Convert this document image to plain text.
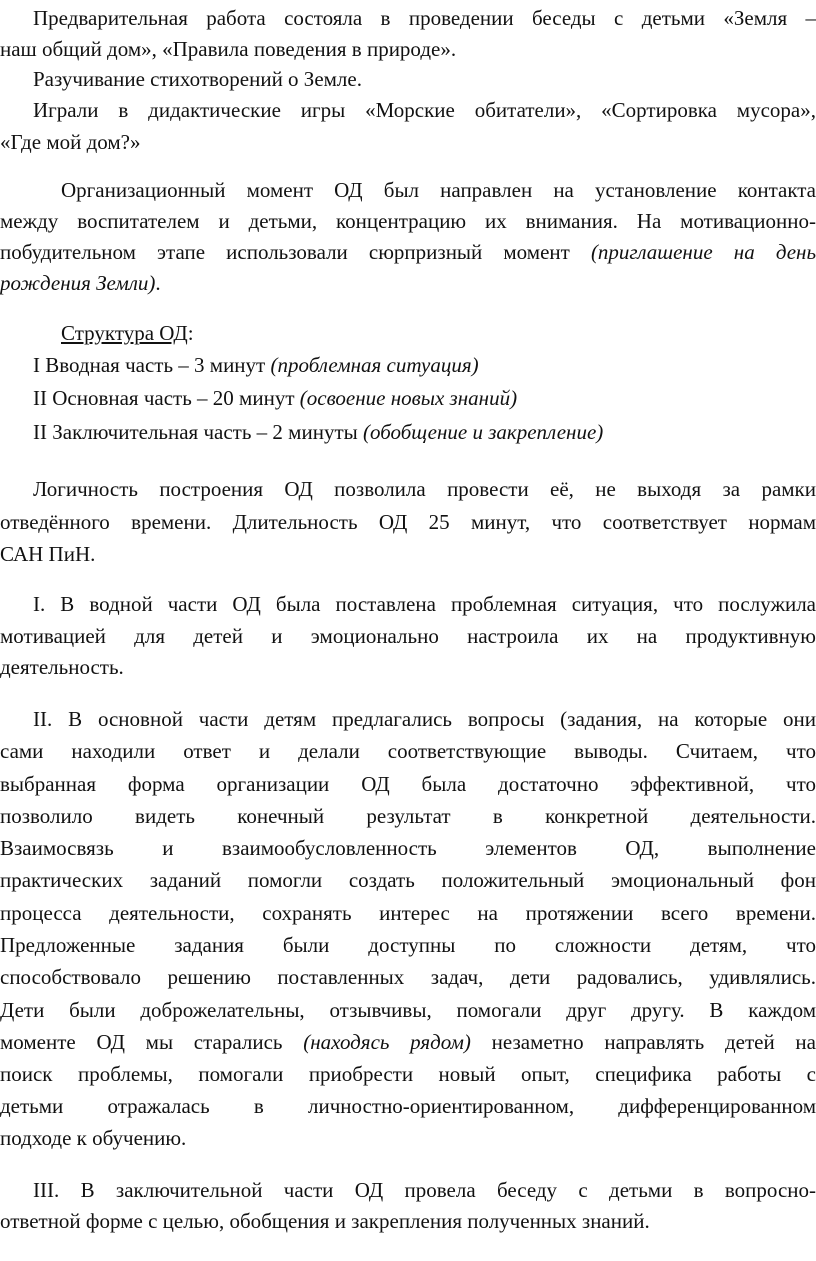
Предварительная работа состояла в проведении беседы с детьми «Земля –
наш общий дом», «Правила поведения в природе».
Разучивание стихотворений о Земле.
Играли в дидактические игры «Морские обитатели», «Сортировка мусора»,
«Где мой дом?»
Организационный момент ОД был направлен на установление контакта
между воспитателем и детьми, концентрацию их внимания. На мотивационно-
побудительном этапе использовали сюрпризный момент (приглашение на день
рождения Земли).
Структура ОД:
I Вводная часть – 3 минут (проблемная ситуация)
II Основная часть – 20 минут (освоение новых знаний)
II Заключительная часть – 2 минуты (обобщение и закрепление)
Логичность построения ОД позволила провести её, не выходя за рамки
отведённого времени. Длительность ОД 25 минут, что соответствует нормам
САН ПиН.
I. В водной части ОД была поставлена проблемная ситуация, что послужила
мотивацией для детей и эмоционально настроила их на продуктивную
деятельность.
II. В основной части детям предлагались вопросы (задания, на которые они
сами находили ответ и делали соответствующие выводы. Считаем, что
выбранная форма организации ОД была достаточно эффективной, что
позволило видеть конечный результат в конкретной деятельности.
Взаимосвязь и взаимообусловленность элементов ОД, выполнение
практических заданий помогли создать положительный эмоциональный фон
процесса деятельности, сохранять интерес на протяжении всего времени.
Предложенные задания были доступны по сложности детям, что
способствовало решению поставленных задач, дети радовались, удивлялись.
Дети были доброжелательны, отзывчивы, помогали друг другу. В каждом
моменте ОД мы старались (находясь рядом) незаметно направлять детей на
поиск проблемы, помогали приобрести новый опыт, специфика работы с
детьми отражалась в личностно-ориентированном, дифференцированном
подходе к обучению.
III. В заключительной части ОД провела беседу с детьми в вопросно-
ответной форме с целью, обобщения и закрепления полученных знаний.
